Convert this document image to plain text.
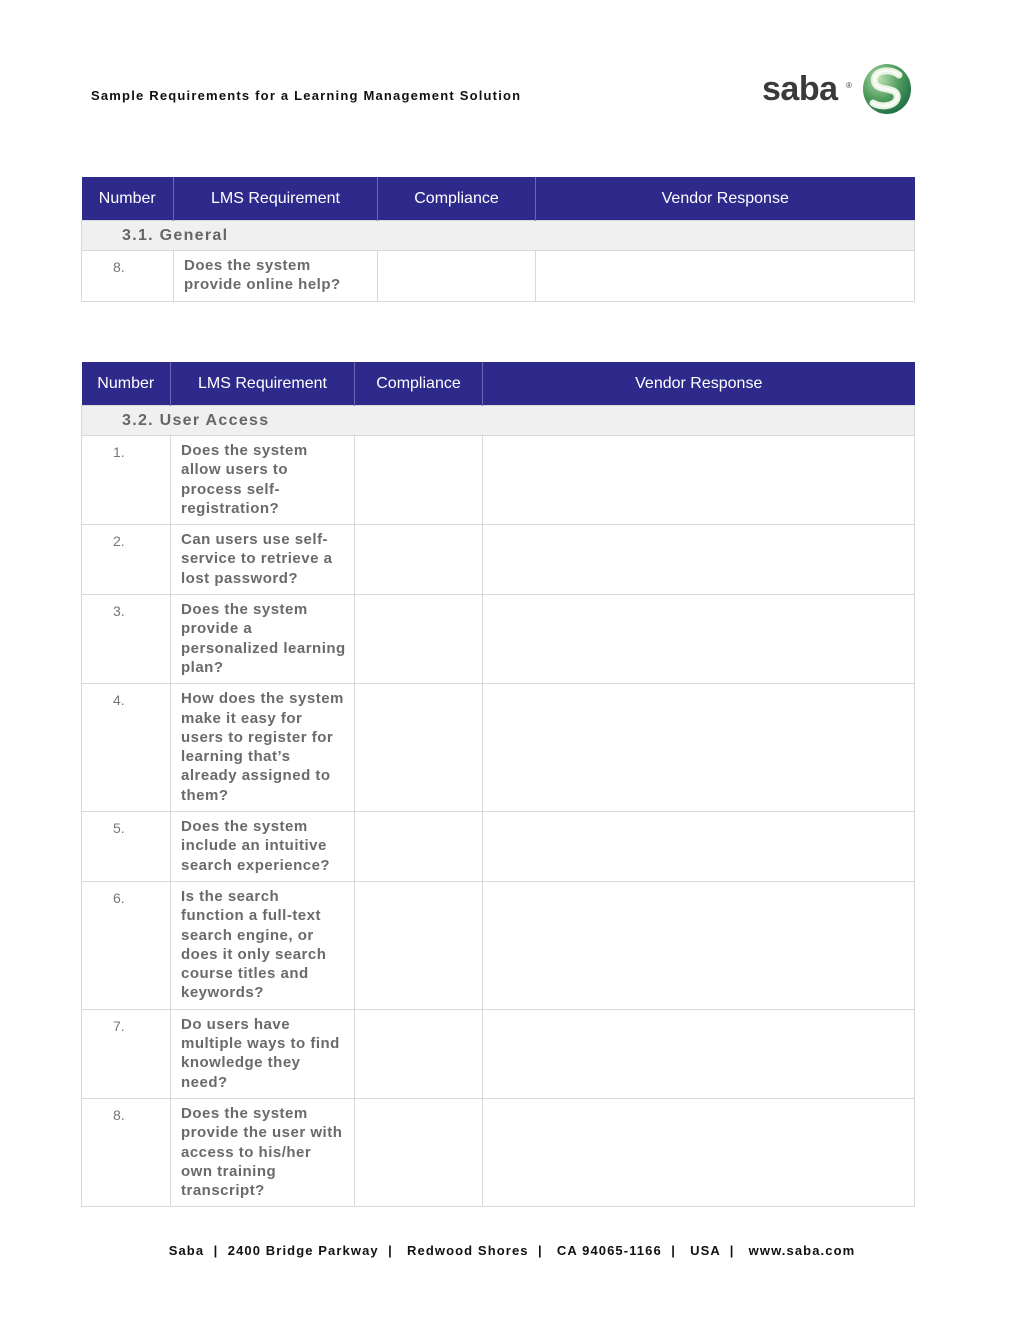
Sample Requirements for a Learning Management Solution	saba ®
Number	LMS Requirement	Compliance	Vendor Response
3.1. General			
8.	Does the system provide online help?		
Number	LMS Requirement	Compliance	Vendor Response
3.2. User Access			
1.	Does the system allow users to process self-registration?		
2.	Can users use self-service to retrieve a lost password?		
3.	Does the system provide a personalized learning plan?		
4.	How does the system make it easy for users to register for learning that’s already assigned to them?		
5.	Does the system include an intuitive search experience?		
6.	Is the search function a full-text search engine, or does it only search course titles and keywords?		
7.	Do users have multiple ways to find knowledge they need?		
8.	Does the system provide the user with access to his/her own training transcript?		
Saba  |  2400 Bridge Parkway  |   Redwood Shores  |   CA 94065-1166  |   USA  |   www.saba.com
